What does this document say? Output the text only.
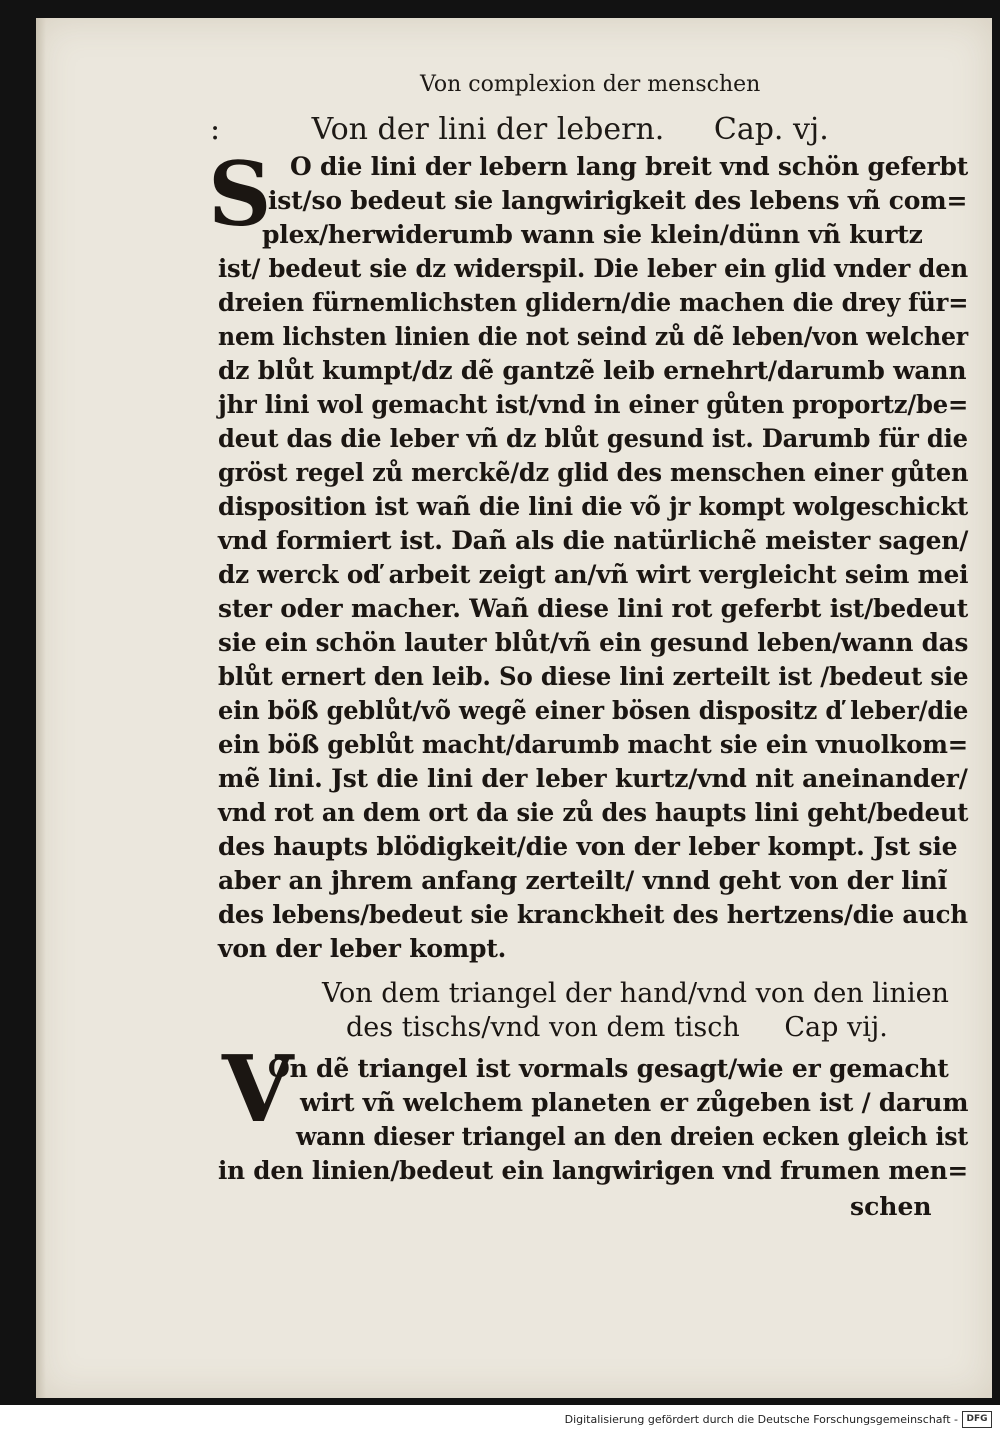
Von complexion der menschen
:	Von der lini der lebern. Cap. vj.
S O die lini der lebern lang breit vnd schön geferbt
ist/so bedeut sie langwirigkeit des lebens vñ com=
plex/herwiderumb wann sie klein/dünn vñ kurtz
ist/ bedeut sie dz widerspil. Die leber ein glid vnder den
dreien fürnemlichsten glidern/die machen die drey für=
nem lichsten linien die not seind zů dẽ leben/von welcher
dz blůt kumpt/dz dẽ gantzẽ leib ernehrt/darumb wann
jhr lini wol gemacht ist/vnd in einer gůten proportz/be=
deut das die leber vñ dz blůt gesund ist. Darumb für die
gröst regel zů merckẽ/dz glid des menschen einer gůten
disposition ist wañ die lini die võ jr kompt wolgeschickt
vnd formiert ist. Dañ als die natürlichẽ meister sagen/
dz werck oď arbeit zeigt an/vñ wirt vergleicht seim mei
ster oder macher. Wañ diese lini rot geferbt ist/bedeut
sie ein schön lauter blůt/vñ ein gesund leben/wann das
blůt ernert den leib. So diese lini zerteilt ist /bedeut sie
ein böß geblůt/võ wegẽ einer bösen dispositz ď leber/die
ein böß geblůt macht/darumb macht sie ein vnuolkom=
mẽ lini. Jst die lini der leber kurtz/vnd nit aneinander/
vnd rot an dem ort da sie zů des haupts lini geht/bedeut
des haupts blödigkeit/die von der leber kompt. Jst sie
aber an jhrem anfang zerteilt/ vnnd geht von der linĩ
des lebens/bedeut sie kranckheit des hertzens/die auch
von der leber kompt.
Von dem triangel der hand/vnd von den linien
des tischs/vnd von dem tisch Cap vij.
V
On dẽ triangel ist vormals gesagt/wie er gemacht
wirt vñ welchem planeten er zůgeben ist / darum
wann dieser triangel an den dreien ecken gleich ist
in den linien/bedeut ein langwirigen vnd frumen men=
schen
Digitalisierung gefördert durch die Deutsche Forschungsgemeinschaft - DFG
